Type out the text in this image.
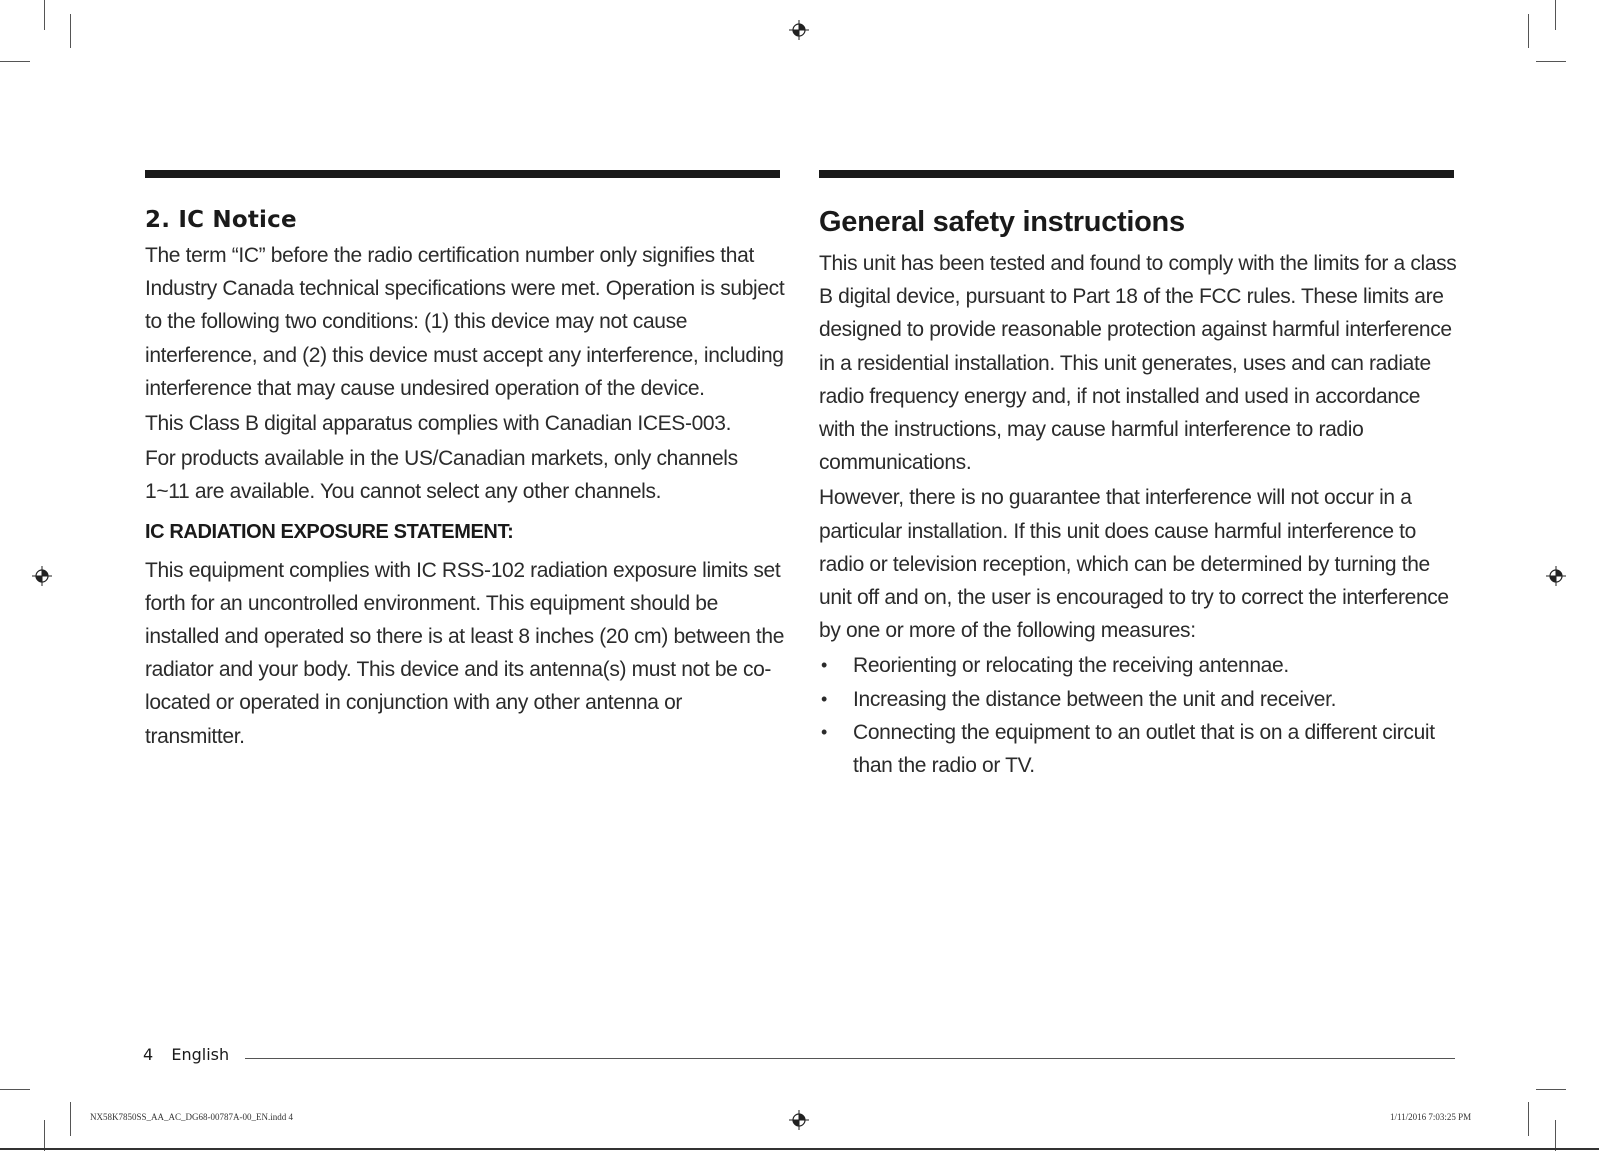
2. IC Notice

The term “IC” before the radio certification number only signifies that Industry Canada technical specifications were met. Operation is subject to the following two conditions: (1) this device may not cause interference, and (2) this device must accept any interference, including interference that may cause undesired operation of the device.

This Class B digital apparatus complies with Canadian ICES-003.

For products available in the US/Canadian markets, only channels 1~11 are available. You cannot select any other channels.

IC RADIATION EXPOSURE STATEMENT:

This equipment complies with IC RSS-102 radiation exposure limits set forth for an uncontrolled environment. This equipment should be installed and operated so there is at least 8 inches (20 cm) between the radiator and your body. This device and its antenna(s) must not be co-located or operated in conjunction with any other antenna or transmitter.

General safety instructions

This unit has been tested and found to comply with the limits for a class B digital device, pursuant to Part 18 of the FCC rules. These limits are designed to provide reasonable protection against harmful interference in a residential installation. This unit generates, uses and can radiate radio frequency energy and, if not installed and used in accordance with the instructions, may cause harmful interference to radio communications.

However, there is no guarantee that interference will not occur in a particular installation. If this unit does cause harmful interference to radio or television reception, which can be determined by turning the unit off and on, the user is encouraged to try to correct the interference by one or more of the following measures:

• Reorienting or relocating the receiving antennae.
• Increasing the distance between the unit and receiver.
• Connecting the equipment to an outlet that is on a different circuit than the radio or TV.
4 English
NX58K7850SS_AA_AC_DG68-00787A-00_EN.indd 4	1/11/2016 7:03:25 PM
